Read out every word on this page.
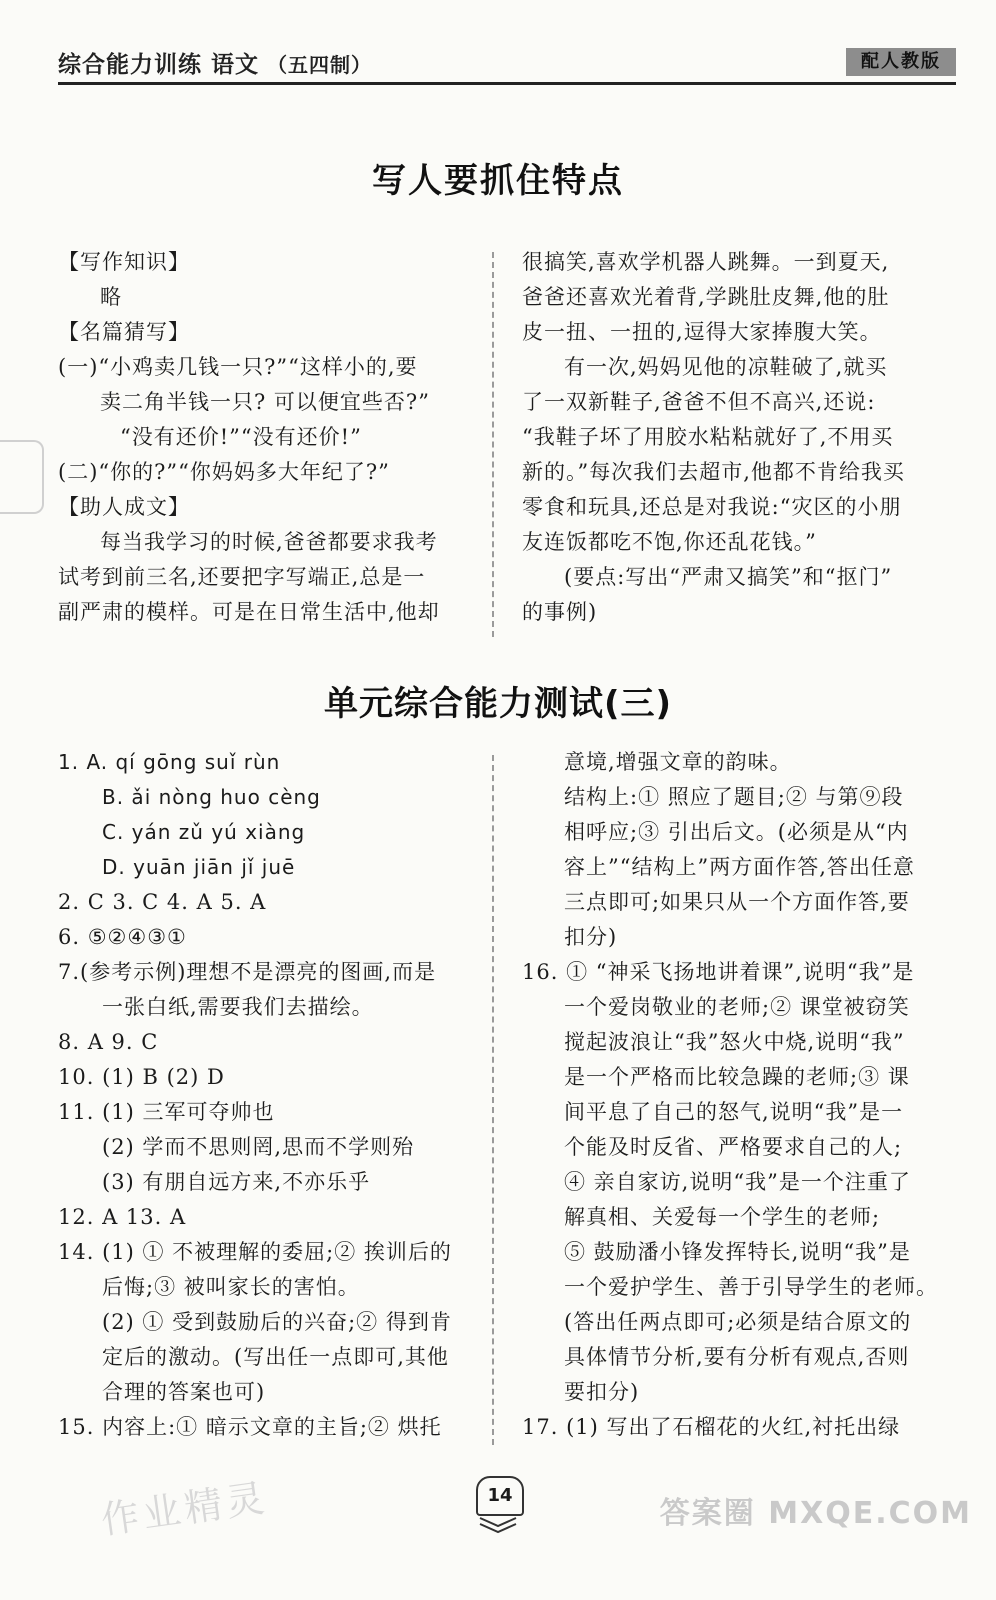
综合能力训练 语文 （五四制）	配人教版
写人要抓住特点
【写作知识】
略
【名篇猜写】
(一)“小鸡卖几钱一只?”“这样小的,要
卖二角半钱一只? 可以便宜些否?”
“没有还价!”“没有还价!”
(二)“你的?”“你妈妈多大年纪了?”
【助人成文】
每当我学习的时候,爸爸都要求我考
试考到前三名,还要把字写端正,总是一
副严肃的模样。可是在日常生活中,他却
很搞笑,喜欢学机器人跳舞。一到夏天,
爸爸还喜欢光着背,学跳肚皮舞,他的肚
皮一扭、一扭的,逗得大家捧腹大笑。
有一次,妈妈见他的凉鞋破了,就买
了一双新鞋子,爸爸不但不高兴,还说:
“我鞋子坏了用胶水粘粘就好了,不用买
新的。”每次我们去超市,他都不肯给我买
零食和玩具,还总是对我说:“灾区的小朋
友连饭都吃不饱,你还乱花钱。”
(要点:写出“严肃又搞笑”和“抠门”
的事例)
单元综合能力测试(三)
1. A. qí gōng suǐ rùn
B. ǎi nòng huo cèng
C. yán zǔ yú xiàng
D. yuān jiān jǐ juē
2. C 3. C 4. A 5. A
6. ⑤②④③①
7.(参考示例)理想不是漂亮的图画,而是
一张白纸,需要我们去描绘。
8. A 9. C
10. (1) B (2) D
11. (1) 三军可夺帅也
(2) 学而不思则罔,思而不学则殆
(3) 有朋自远方来,不亦乐乎
12. A 13. A
14. (1) ① 不被理解的委屈;② 挨训后的
后悔;③ 被叫家长的害怕。
(2) ① 受到鼓励后的兴奋;② 得到肯
定后的激动。(写出任一点即可,其他
合理的答案也可)
15. 内容上:① 暗示文章的主旨;② 烘托
意境,增强文章的韵味。
结构上:① 照应了题目;② 与第⑨段
相呼应;③ 引出后文。(必须是从“内
容上”“结构上”两方面作答,答出任意
三点即可;如果只从一个方面作答,要
扣分)
16. ① “神采飞扬地讲着课”,说明“我”是
一个爱岗敬业的老师;② 课堂被窃笑
搅起波浪让“我”怒火中烧,说明“我”
是一个严格而比较急躁的老师;③ 课
间平息了自己的怒气,说明“我”是一
个能及时反省、严格要求自己的人;
④ 亲自家访,说明“我”是一个注重了
解真相、关爱每一个学生的老师;
⑤ 鼓励潘小锋发挥特长,说明“我”是
一个爱护学生、善于引导学生的老师。
(答出任两点即可;必须是结合原文的
具体情节分析,要有分析有观点,否则
要扣分)
17. (1) 写出了石榴花的火红,衬托出绿
14
作业精灵	答案圈 MXQE.COM
